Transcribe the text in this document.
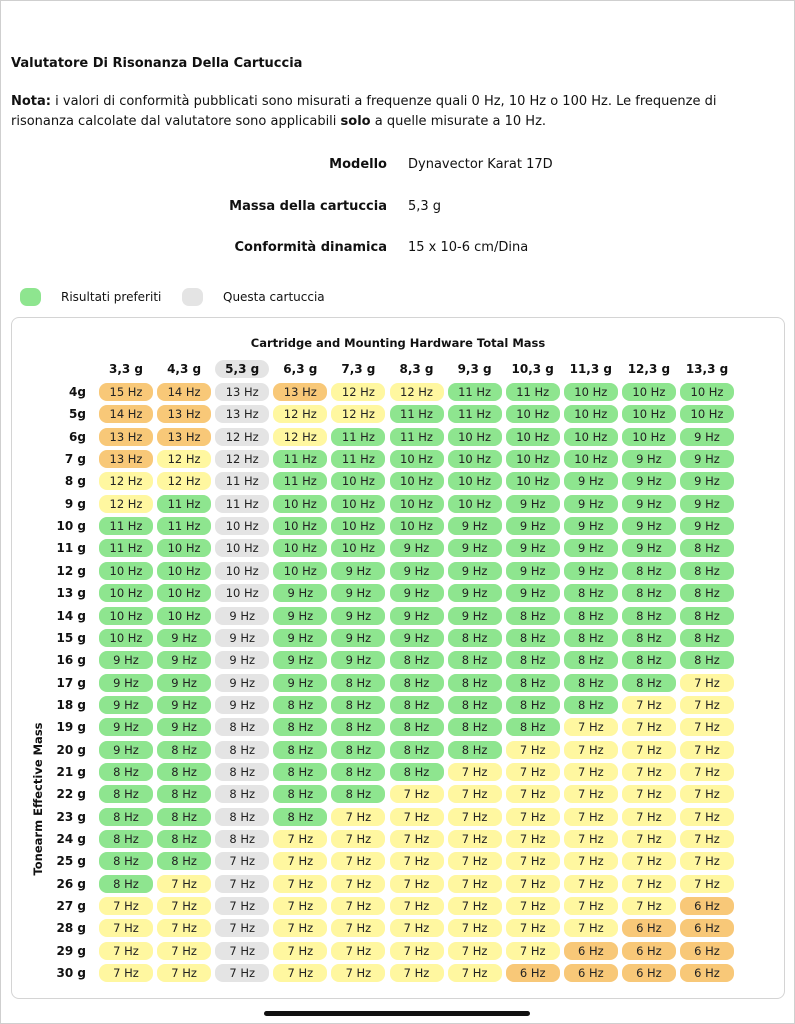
Valutatore Di Risonanza Della Cartuccia
Nota: i valori di conformità pubblicati sono misurati a frequenze quali 0 Hz, 10 Hz o 100 Hz. Le frequenze di risonanza calcolate dal valutatore sono applicabili solo a quelle misurate a 10 Hz.
Modello Dynavector Karat 17D
Massa della cartuccia 5,3 g
Conformità dinamica 15 x 10-6 cm/Dina
Risultati preferiti	Questa cartuccia
Cartridge and Mounting Hardware Total Mass
Tonearm Effective Mass
3,3 g	4,3 g	5,3 g	6,3 g	7,3 g	8,3 g	9,3 g	10,3 g	11,3 g	12,3 g	13,3 g
4g	15 Hz	14 Hz	13 Hz	13 Hz	12 Hz	12 Hz	11 Hz	11 Hz	10 Hz	10 Hz	10 Hz
5g	14 Hz	13 Hz	13 Hz	12 Hz	12 Hz	11 Hz	11 Hz	10 Hz	10 Hz	10 Hz	10 Hz
6g	13 Hz	13 Hz	12 Hz	12 Hz	11 Hz	11 Hz	10 Hz	10 Hz	10 Hz	10 Hz	9 Hz
7 g	13 Hz	12 Hz	12 Hz	11 Hz	11 Hz	10 Hz	10 Hz	10 Hz	10 Hz	9 Hz	9 Hz
8 g	12 Hz	12 Hz	11 Hz	11 Hz	10 Hz	10 Hz	10 Hz	10 Hz	9 Hz	9 Hz	9 Hz
9 g	12 Hz	11 Hz	11 Hz	10 Hz	10 Hz	10 Hz	10 Hz	9 Hz	9 Hz	9 Hz	9 Hz
10 g	11 Hz	11 Hz	10 Hz	10 Hz	10 Hz	10 Hz	9 Hz	9 Hz	9 Hz	9 Hz	9 Hz
11 g	11 Hz	10 Hz	10 Hz	10 Hz	10 Hz	9 Hz	9 Hz	9 Hz	9 Hz	9 Hz	8 Hz
12 g	10 Hz	10 Hz	10 Hz	10 Hz	9 Hz	9 Hz	9 Hz	9 Hz	9 Hz	8 Hz	8 Hz
13 g	10 Hz	10 Hz	10 Hz	9 Hz	9 Hz	9 Hz	9 Hz	9 Hz	8 Hz	8 Hz	8 Hz
14 g	10 Hz	10 Hz	9 Hz	9 Hz	9 Hz	9 Hz	9 Hz	8 Hz	8 Hz	8 Hz	8 Hz
15 g	10 Hz	9 Hz	9 Hz	9 Hz	9 Hz	9 Hz	8 Hz	8 Hz	8 Hz	8 Hz	8 Hz
16 g	9 Hz	9 Hz	9 Hz	9 Hz	9 Hz	8 Hz	8 Hz	8 Hz	8 Hz	8 Hz	8 Hz
17 g	9 Hz	9 Hz	9 Hz	9 Hz	8 Hz	8 Hz	8 Hz	8 Hz	8 Hz	8 Hz	7 Hz
18 g	9 Hz	9 Hz	9 Hz	8 Hz	8 Hz	8 Hz	8 Hz	8 Hz	8 Hz	7 Hz	7 Hz
19 g	9 Hz	9 Hz	8 Hz	8 Hz	8 Hz	8 Hz	8 Hz	8 Hz	7 Hz	7 Hz	7 Hz
20 g	9 Hz	8 Hz	8 Hz	8 Hz	8 Hz	8 Hz	8 Hz	7 Hz	7 Hz	7 Hz	7 Hz
21 g	8 Hz	8 Hz	8 Hz	8 Hz	8 Hz	8 Hz	7 Hz	7 Hz	7 Hz	7 Hz	7 Hz
22 g	8 Hz	8 Hz	8 Hz	8 Hz	8 Hz	7 Hz	7 Hz	7 Hz	7 Hz	7 Hz	7 Hz
23 g	8 Hz	8 Hz	8 Hz	8 Hz	7 Hz	7 Hz	7 Hz	7 Hz	7 Hz	7 Hz	7 Hz
24 g	8 Hz	8 Hz	8 Hz	7 Hz	7 Hz	7 Hz	7 Hz	7 Hz	7 Hz	7 Hz	7 Hz
25 g	8 Hz	8 Hz	7 Hz	7 Hz	7 Hz	7 Hz	7 Hz	7 Hz	7 Hz	7 Hz	7 Hz
26 g	8 Hz	7 Hz	7 Hz	7 Hz	7 Hz	7 Hz	7 Hz	7 Hz	7 Hz	7 Hz	7 Hz
27 g	7 Hz	7 Hz	7 Hz	7 Hz	7 Hz	7 Hz	7 Hz	7 Hz	7 Hz	7 Hz	6 Hz
28 g	7 Hz	7 Hz	7 Hz	7 Hz	7 Hz	7 Hz	7 Hz	7 Hz	7 Hz	6 Hz	6 Hz
29 g	7 Hz	7 Hz	7 Hz	7 Hz	7 Hz	7 Hz	7 Hz	7 Hz	6 Hz	6 Hz	6 Hz
30 g	7 Hz	7 Hz	7 Hz	7 Hz	7 Hz	7 Hz	7 Hz	6 Hz	6 Hz	6 Hz	6 Hz
